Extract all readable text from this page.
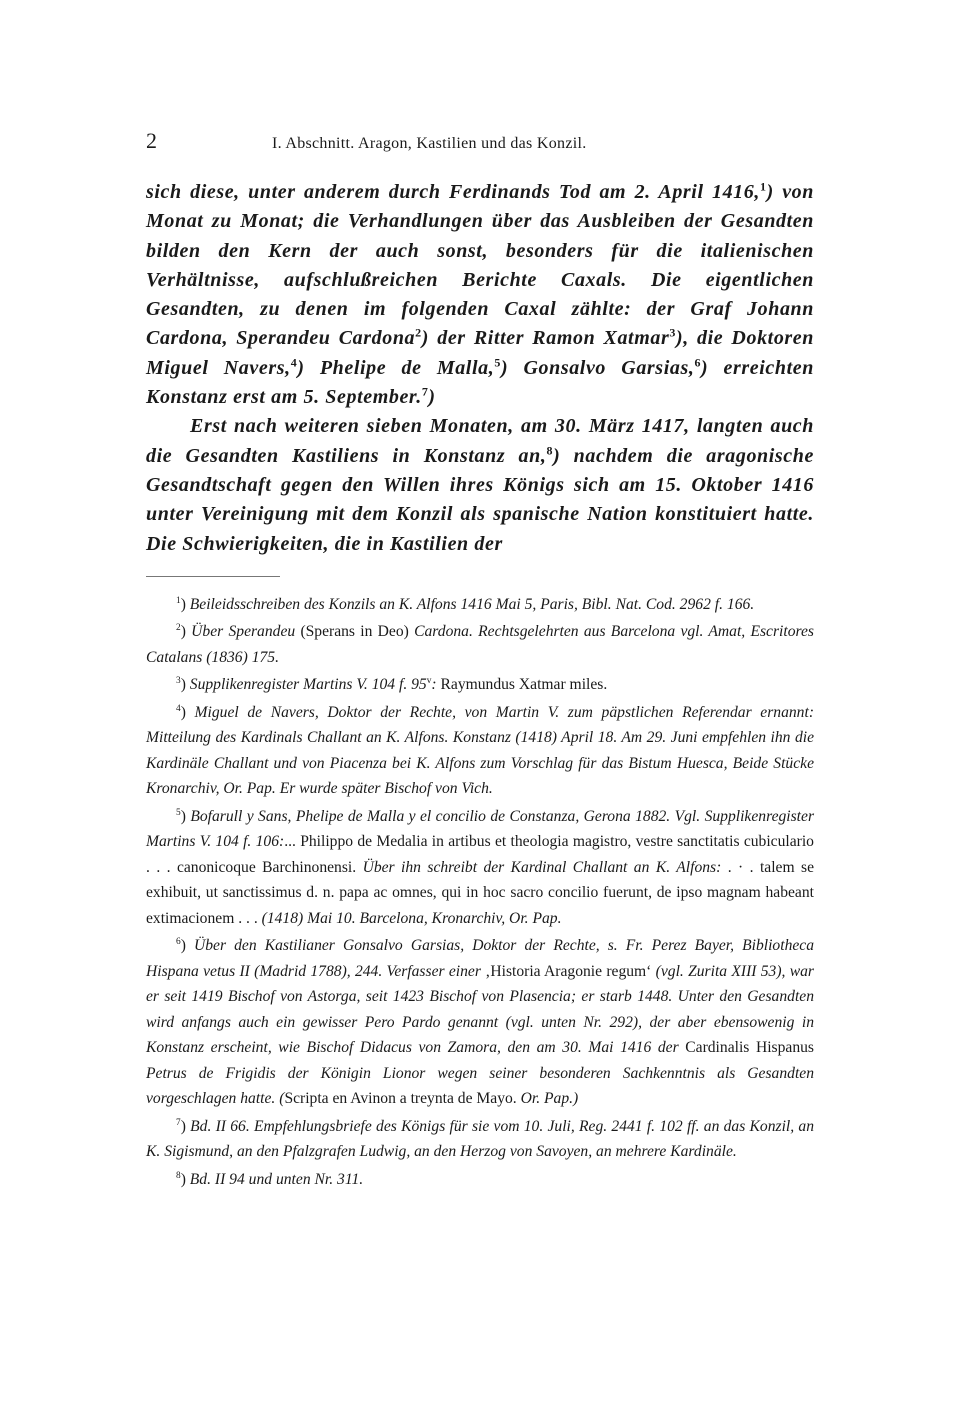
2	I. Abschnitt. Aragon, Kastilien und das Konzil.

sich diese, unter anderem durch Ferdinands Tod am 2. April 1416,$^1$) von Monat zu Monat; die Verhandlungen über das Ausbleiben der Gesandten bilden den Kern der auch sonst, besonders für die italienischen Verhältnisse, aufschlußreichen Berichte Caxals. Die eigentlichen Gesandten, zu denen im folgenden Caxal zählte: der Graf Johann Cardona, Sperandeu Cardona$^2$) der Ritter Ramon Xatmar$^3$), die Doktoren Miguel Navers,$^4$) Phelipe de Malla,$^5$) Gonsalvo Garsias,$^6$) erreichten Konstanz erst am 5. September.$^7$)

Erst nach weiteren sieben Monaten, am 30. März 1417, langten auch die Gesandten Kastiliens in Konstanz an,$^8$) nachdem die aragonische Gesandtschaft gegen den Willen ihres Königs sich am 15. Oktober 1416 unter Vereinigung mit dem Konzil als spanische Nation konstituiert hatte. Die Schwierigkeiten, die in Kastilien der

$^1$) Beileidsschreiben des Konzils an K. Alfons 1416 Mai 5, Paris, Bibl. Nat. Cod. 2962 f. 166.

$^2$) Über Sperandeu (Sperans in Deo) Cardona. Rechtsgelehrten aus Barcelona vgl. Amat, Escritores Catalans (1836) 175.

$^3$) Supplikenregister Martins V. 104 f. 95$^v$: Raymundus Xatmar miles.

$^4$) Miguel de Navers, Doktor der Rechte, von Martin V. zum päpstlichen Referendar ernannt: Mitteilung des Kardinals Challant an K. Alfons. Konstanz (1418) April 18. Am 29. Juni empfehlen ihn die Kardinäle Challant und von Piacenza bei K. Alfons zum Vorschlag für das Bistum Huesca, Beide Stücke Kronarchiv, Or. Pap. Er wurde später Bischof von Vich.

$^5$) Bofarull y Sans, Phelipe de Malla y el concilio de Constanza, Gerona 1882. Vgl. Supplikenregister Martins V. 104 f. 106:... Philippo de Medalia in artibus et theologia magistro, vestre sanctitatis cubiculario . . . canonicoque Barchinonensi. Über ihn schreibt der Kardinal Challant an K. Alfons: . · . talem se exhibuit, ut sanctissimus d. n. papa ac omnes, qui in hoc sacro concilio fuerunt, de ipso magnam habeant extimacionem . . . (1418) Mai 10. Barcelona, Kronarchiv, Or. Pap.

$^6$) Über den Kastilianer Gonsalvo Garsias, Doktor der Rechte, s. Fr. Perez Bayer, Bibliotheca Hispana vetus II (Madrid 1788), 244. Verfasser einer ‚Historia Aragonie regum‘ (vgl. Zurita XIII 53), war er seit 1419 Bischof von Astorga, seit 1423 Bischof von Plasencia; er starb 1448. Unter den Gesandten wird anfangs auch ein gewisser Pero Pardo genannt (vgl. unten Nr. 292), der aber ebensowenig in Konstanz erscheint, wie Bischof Didacus von Zamora, den am 30. Mai 1416 der Cardinalis Hispanus Petrus de Frigidis der Königin Lionor wegen seiner besonderen Sachkenntnis als Gesandten vorgeschlagen hatte. (Scripta en Avinon a treynta de Mayo. Or. Pap.)

$^7$) Bd. II 66. Empfehlungsbriefe des Königs für sie vom 10. Juli, Reg. 2441 f. 102 ff. an das Konzil, an K. Sigismund, an den Pfalzgrafen Ludwig, an den Herzog von Savoyen, an mehrere Kardinäle.

$^8$) Bd. II 94 und unten Nr. 311.
